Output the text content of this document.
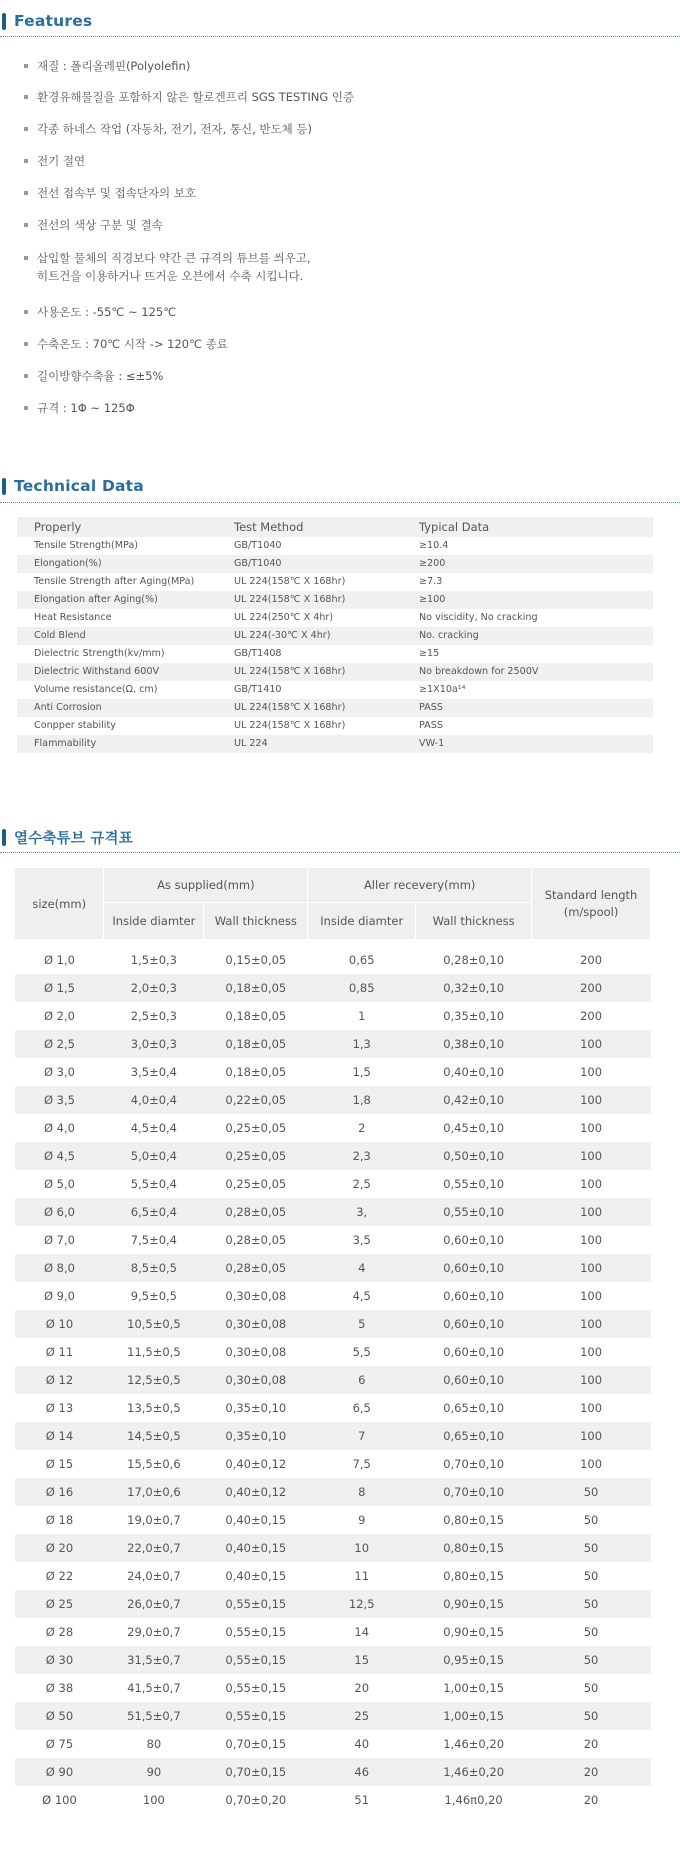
Features
재질 : 폴리올레핀(Polyolefin)
환경유해물질을 포함하지 않은 할로겐프리 SGS TESTING 인증
각종 하네스 작업 (자동차, 전기, 전자, 통신, 반도체 등)
전기 절연
전선 접속부 및 접속단자의 보호
전선의 색상 구분 및 결속
삽입할 물체의 직경보다 약간 큰 규격의 튜브를 씌우고,
히트건을 이용하거나 뜨거운 오븐에서 수축 시킵니다.
사용온도 : -55℃ ~ 125℃
수축온도 : 70℃ 시작 -> 120℃ 종료
길이방향수축율 : ≤±5%
규격 : 1Φ ~ 125Φ
Technical Data
Properly	Test Method	Typical Data
Tensile Strength(MPa)	GB/T1040	≥10.4
Elongation(%)	GB/T1040	≥200
Tensile Strength after Aging(MPa)	UL 224(158℃ X 168hr)	≥7.3
Elongation after Aging(%)	UL 224(158℃ X 168hr)	≥100
Heat Resistance	UL 224(250℃ X 4hr)	No viscidity, No cracking
Cold Blend	UL 224(-30℃ X 4hr)	No. cracking
Dielectric Strength(kv/mm)	GB/T1408	≥15
Dielectric Withstand 600V	UL 224(158℃ X 168hr)	No breakdown for 2500V
Volume resistance(Ω, cm)	GB/T1410	≥1X10a¹⁴
Anti Corrosion	UL 224(158℃ X 168hr)	PASS
Conpper stability	UL 224(158℃ X 168hr)	PASS
Flammability	UL 224	VW-1
열수축튜브 규격표
size(mm)	As supplied(mm)		Aller recevery(mm)		Standard length
(m/spool)
	Inside diamter	Wall thickness	Inside diamter	Wall thickness	

Ø 1,0	1,5±0,3	0,15±0,05	0,65	0,28±0,10	200
Ø 1,5	2,0±0,3	0,18±0,05	0,85	0,32±0,10	200
Ø 2,0	2,5±0,3	0,18±0,05	1	0,35±0,10	200
Ø 2,5	3,0±0,3	0,18±0,05	1,3	0,38±0,10	100
Ø 3,0	3,5±0,4	0,18±0,05	1,5	0,40±0,10	100
Ø 3,5	4,0±0,4	0,22±0,05	1,8	0,42±0,10	100
Ø 4,0	4,5±0,4	0,25±0,05	2	0,45±0,10	100
Ø 4,5	5,0±0,4	0,25±0,05	2,3	0,50±0,10	100
Ø 5,0	5,5±0,4	0,25±0,05	2,5	0,55±0,10	100
Ø 6,0	6,5±0,4	0,28±0,05	3,	0,55±0,10	100
Ø 7,0	7,5±0,4	0,28±0,05	3,5	0,60±0,10	100
Ø 8,0	8,5±0,5	0,28±0,05	4	0,60±0,10	100
Ø 9,0	9,5±0,5	0,30±0,08	4,5	0,60±0,10	100
Ø 10	10,5±0,5	0,30±0,08	5	0,60±0,10	100
Ø 11	11,5±0,5	0,30±0,08	5,5	0,60±0,10	100
Ø 12	12,5±0,5	0,30±0,08	6	0,60±0,10	100
Ø 13	13,5±0,5	0,35±0,10	6,5	0,65±0,10	100
Ø 14	14,5±0,5	0,35±0,10	7	0,65±0,10	100
Ø 15	15,5±0,6	0,40±0,12	7,5	0,70±0,10	100
Ø 16	17,0±0,6	0,40±0,12	8	0,70±0,10	50
Ø 18	19,0±0,7	0,40±0,15	9	0,80±0,15	50
Ø 20	22,0±0,7	0,40±0,15	10	0,80±0,15	50
Ø 22	24,0±0,7	0,40±0,15	11	0,80±0,15	50
Ø 25	26,0±0,7	0,55±0,15	12,5	0,90±0,15	50
Ø 28	29,0±0,7	0,55±0,15	14	0,90±0,15	50
Ø 30	31,5±0,7	0,55±0,15	15	0,95±0,15	50
Ø 38	41,5±0,7	0,55±0,15	20	1,00±0,15	50
Ø 50	51,5±0,7	0,55±0,15	25	1,00±0,15	50
Ø 75	80	0,70±0,15	40	1,46±0,20	20
Ø 90	90	0,70±0,15	46	1,46±0,20	20
Ø 100	100	0,70±0,20	51	1,46π0,20	20
